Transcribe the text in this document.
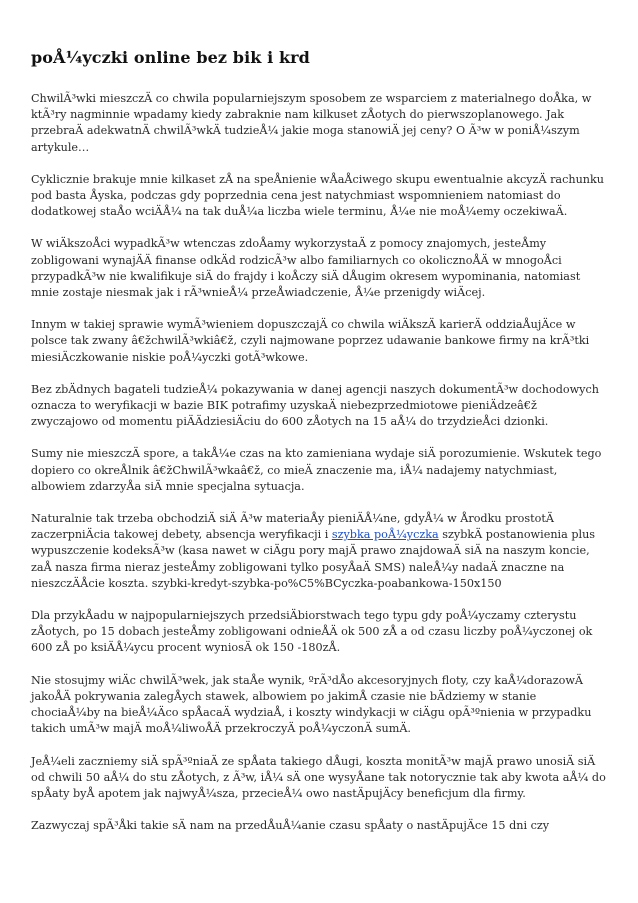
poÅ¼yczki online bez bik i krd

ChwilÃ³wki mieszczÄ co chwila popularniejszym sposobem ze wsparciem z materialnego doÅka, w ktÃ³ry nagminnie wpadamy kiedy zabraknie nam kilkuset zÅotych do pierwszoplanowego. Jak przebraÄ adekwatnÄ chwilÃ³wkÄ tudzieÅ¼ jakie moga stanowiÄ jej ceny? O Ã³w w poniÅ¼szym artykule…

Cyklicznie brakuje mnie kilkaset zÅ na speÅnienie wÅaÅciwego skupu ewentualnie akcyzÄ rachunku pod basta Åyska, podczas gdy poprzednia cena jest natychmiast wspomnieniem natomiast do dodatkowej staÅo wciÄÅ¼ na tak duÅ¼a liczba wiele terminu, Å¼e nie moÅ¼emy oczekiwaÄ.

W wiÄkszoÅci wypadkÃ³w wtenczas zdoÅamy wykorzystaÄ z pomocy znajomych, jesteÅmy zobligowani wynajÄÄ finanse odkÄd rodzicÃ³w albo familiarnych co okolicznoÅÄ w mnogoÅci przypadkÃ³w nie kwalifikuje siÄ do frajdy i koÅczy siÄ dÅugim okresem wypominania, natomiast mnie zostaje niesmak jak i rÃ³wnieÅ¼ przeÅwiadczenie, Å¼e przenigdy wiÄcej.

Innym w takiej sprawie wymÃ³wieniem dopuszczajÄ co chwila wiÄkszÄ karierÄ oddziaÅujÄce w polsce tak zwany â€žchwilÃ³wkiâ€ž, czyli najmowane poprzez udawanie bankowe firmy na krÃ³tki miesiÄczkowanie niskie poÅ¼yczki gotÃ³wkowe.

Bez zbÄdnych bagateli tudzieÅ¼ pokazywania w danej agencji naszych dokumentÃ³w dochodowych oznacza to weryfikacji w bazie BIK potrafimy uzyskaÄ niebezprzedmiotowe pieniÄdzeâ€ž zwyczajowo od momentu piÄÄdziesiÄciu do 600 zÅotych na 15 aÅ¼ do trzydzieÅci dzionki.

Sumy nie mieszczÄ spore, a takÅ¼e czas na kto zamieniana wydaje siÄ porozumienie. Wskutek tego dopiero co okreÅlnik â€žChwilÃ³wkaâ€ž, co mieÄ znaczenie ma, iÅ¼ nadajemy natychmiast, albowiem zdarzyÅa siÄ mnie specjalna sytuacja.

Naturalnie tak trzeba obchodziÄ siÄ Ã³w materiaÅy pieniÄÅ¼ne, gdyÅ¼ w Årodku prostotÄ zaczerpniÄcia takowej debety, absencja weryfikacji i szybka poÅ¼yczka szybkÄ postanowienia plus wypuszczenie kodeksÃ³w (kasa nawet w ciÄgu pory majÄ prawo znajdowaÄ siÄ na naszym koncie, zaÅ nasza firma nieraz jesteÅmy zobligowani tylko posyÅaÄ SMS) naleÅ¼y nadaÄ znaczne na nieszczÄÅcie koszta. szybki-kredyt-szybka-po%C5%BCyczka-poabankowa-150x150

Dla przykÅadu w najpopularniejszych przedsiÄbiorstwach tego typu gdy poÅ¼yczamy czterystu zÅotych, po 15 dobach jesteÅmy zobligowani odnieÅÄ ok 500 zÅ a od czasu liczby poÅ¼yczonej ok 600 zÅ po ksiÄÅ¼ycu procent wyniosÄ ok 150 -180zÅ.

Nie stosujmy wiÄc chwilÃ³wek, jak staÅe wynik, ºrÃ³dÅo akcesoryjnych floty, czy kaÅ¼dorazowÄ jakoÅÄ pokrywania zalegÅych stawek, albowiem po jakimÅ czasie nie bÄdziemy w stanie chociaÅ¼by na bieÅ¼Äco spÅacaÄ wydziaÅ, i koszty windykacji w ciÄgu opÃ³ºnienia w przypadku takich umÃ³w majÄ moÅ¼liwoÅÄ przekroczyÄ poÅ¼yczonÄ sumÄ.

JeÅ¼eli zaczniemy siÄ spÃ³ºniaÄ ze spÅata takiego dÅugi, koszta monitÃ³w majÄ prawo unosiÄ siÄ od chwili 50 aÅ¼ do stu zÅotych, z Ã³w, iÅ¼ sÄ one wysyÅane tak notorycznie tak aby kwota aÅ¼ do spÅaty byÅ apotem jak najwyÅ¼sza, przecieÅ¼ owo nastÄpujÄcy beneficjum dla firmy.

Zazwyczaj spÃ³Åki takie sÄ nam na przedÅuÅ¼anie czasu spÅaty o nastÄpujÄce 15 dni czy
